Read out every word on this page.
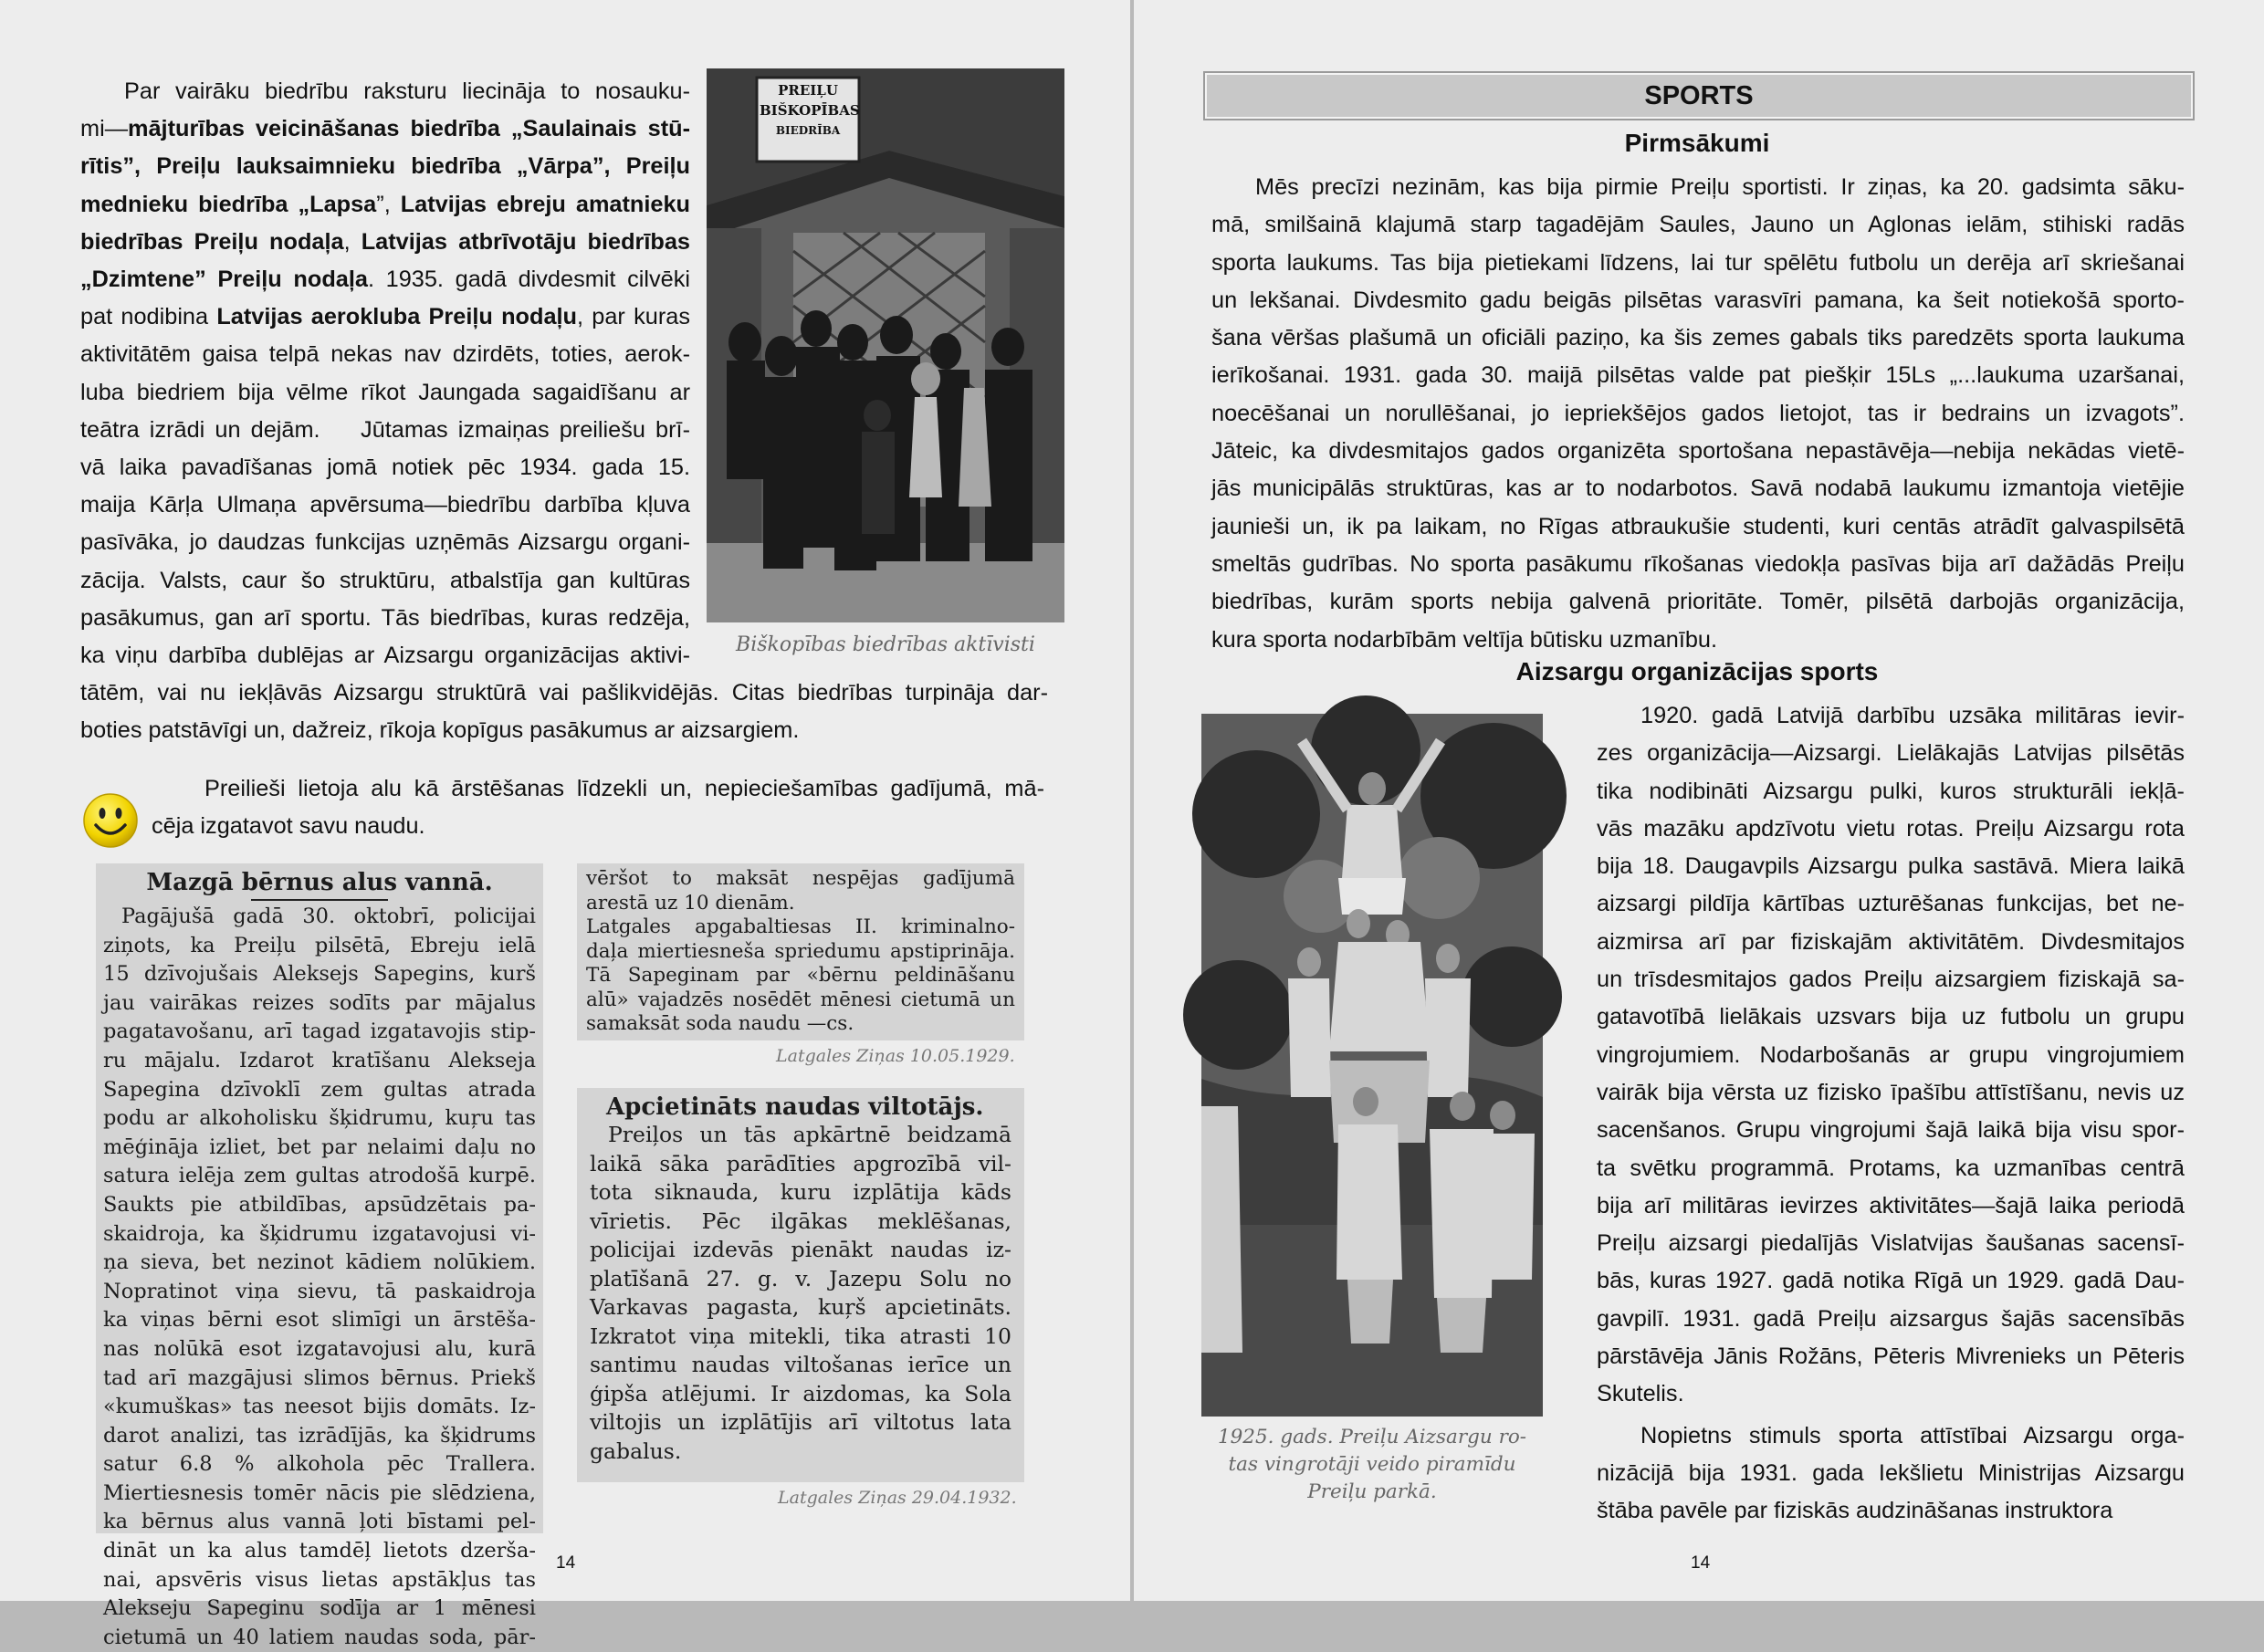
Par vairāku biedrību raksturu liecināja to nosauku-
mi—mājturības veicināšanas biedrība „Saulainais stū-
rītis”, Preiļu lauksaimnieku biedrība „Vārpa”, Preiļu
mednieku biedrība „Lapsa”, Latvijas ebreju amatnieku
biedrības Preiļu nodaļa, Latvijas atbrīvotāju biedrības
„Dzimtene” Preiļu nodaļa. 1935. gadā divdesmit cilvēki
pat nodibina Latvijas aerokluba Preiļu nodaļu, par kuras
aktivitātēm gaisa telpā nekas nav dzirdēts, toties, aerok-
luba biedriem bija vēlme rīkot Jaungada sagaidīšanu ar
teātra izrādi un dejām.    Jūtamas izmaiņas preiliešu brī-
vā laika pavadīšanas jomā notiek pēc 1934. gada 15.
maija Kārļa Ulmaņa apvērsuma—biedrību darbība kļuva
pasīvāka, jo daudzas funkcijas uzņēmās Aizsargu organi-
zācija. Valsts, caur šo struktūru, atbalstīja gan kultūras
pasākumus, gan arī sportu. Tās biedrības, kuras redzēja,
ka viņu darbība dublējas ar Aizsargu organizācijas aktivi-
tātēm, vai nu iekļāvās Aizsargu struktūrā vai pašlikvidējās. Citas biedrības turpināja dar-
boties patstāvīgi un, dažreiz, rīkoja kopīgus pasākumus ar aizsargiem.
Preilieši lietoja alu kā ārstēšanas līdzekli un, nepieciešamības gadījumā, mā-
cēja izgatavot savu naudu.
PREIĻU
BIŠKOPĪBAS
BIEDRĪBA
Biškopības biedrības aktīvisti
Mazgā bērnus alus vannā.
Pagājušā gadā 30. oktobrī, policijai
ziņots, ka Preiļu pilsētā, Ebreju ielā
15 dzīvojušais Aleksejs Sapegins, kurš
jau vairākas reizes sodīts par mājalus
pagatavošanu, arī tagad izgatavojis stip-
ru mājalu. Izdarot kratīšanu Alekseja
Sapegina dzīvoklī zem gultas atrada
podu ar alkoholisku šķidrumu, kuŗu tas
mēģināja izliet, bet par nelaimi daļu no
satura ielēja zem gultas atrodošā kurpē.
Saukts pie atbildības, apsūdzētais pa-
skaidroja, ka šķidrumu izgatavojusi vi-
ņa sieva, bet nezinot kādiem nolūkiem.
Nopratinot viņa sievu, tā paskaidroja
ka viņas bērni esot slimīgi un ārstēša-
nas nolūkā esot izgatavojusi alu, kurā
tad arī mazgājusi slimos bērnus. Priekš
«kumuškas» tas neesot bijis domāts. Iz-
darot analizi, tas izrādījās, ka šķidrums
satur 6.8 % alkohola pēc Trallera.
Miertiesnesis tomēr nācis pie slēdziena,
ka bērnus alus vannā ļoti bīstami pel-
dināt un ka alus tamdēļ lietots dzerša-
nai, apsvēris visus lietas apstākļus tas
Alekseju Sapeginu sodīja ar 1 mēnesi
cietumā un 40 latiem naudas soda, pār-
vēršot to maksāt nespējas gadījumā
arestā uz 10 dienām.
Latgales apgabaltiesas II. kriminalno-
daļa miertiesneša spriedumu apstiprināja.
Tā Sapeginam par «bērnu peldināšanu
alū» vajadzēs nosēdēt mēnesi cietumā un
samaksāt soda naudu —cs.
Latgales Ziņas 10.05.1929.
Apcietināts naudas viltotājs.
Preiļos un tās apkārtnē beidzamā
laikā sāka parādīties apgrozībā vil-
tota siknauda, kuru izplātija kāds
vīrietis. Pēc ilgākas meklēšanas,
policijai izdevās pienākt naudas iz-
platīšanā 27. g. v. Jazepu Solu no
Varkavas pagasta, kuŗš apcietināts.
Izkratot viņa mitekli, tika atrasti 10
santimu naudas viltošanas ierīce un
ģipša atlējumi. Ir aizdomas, ka Sola
viltojis un izplātījis arī viltotus lata
gabalus.
Latgales Ziņas 29.04.1932.
14
SPORTS
Pirmsākumi
Mēs precīzi nezinām, kas bija pirmie Preiļu sportisti. Ir ziņas, ka 20. gadsimta sāku-
mā, smilšainā klajumā starp tagadējām Saules, Jauno un Aglonas ielām, stihiski radās
sporta laukums. Tas bija pietiekami līdzens, lai tur spēlētu futbolu un derēja arī skriešanai
un lekšanai. Divdesmito gadu beigās pilsētas varasvīri pamana, ka šeit notiekošā sporto-
šana vēršas plašumā un oficiāli paziņo, ka šis zemes gabals tiks paredzēts sporta laukuma
ierīkošanai. 1931. gada 30. maijā pilsētas valde pat piešķir 15Ls „...laukuma uzaršanai,
noecēšanai un norullēšanai, jo iepriekšējos gados lietojot, tas ir bedrains un izvagots”.
Jāteic, ka divdesmitajos gados organizēta sportošana nepastāvēja—nebija nekādas vietē-
jās municipālās struktūras, kas ar to nodarbotos. Savā nodabā laukumu izmantoja vietējie
jaunieši un, ik pa laikam, no Rīgas atbraukušie studenti, kuri centās atrādīt galvaspilsētā
smeltās gudrības. No sporta pasākumu rīkošanas viedokļa pasīvas bija arī dažādās Preiļu
biedrības, kurām sports nebija galvenā prioritāte. Tomēr, pilsētā darbojās organizācija,
kura sporta nodarbībām veltīja būtisku uzmanību.
Aizsargu organizācijas sports
1925. gads. Preiļu Aizsargu ro-
tas vingrotāji veido piramīdu
Preiļu parkā.
1920. gadā Latvijā darbību uzsāka militāras ievir-
zes organizācija—Aizsargi. Lielākajās Latvijas pilsētās
tika nodibināti Aizsargu pulki, kuros strukturāli iekļā-
vās mazāku apdzīvotu vietu rotas. Preiļu Aizsargu rota
bija 18. Daugavpils Aizsargu pulka sastāvā. Miera laikā
aizsargi pildīja kārtības uzturēšanas funkcijas, bet ne-
aizmirsa arī par fiziskajām aktivitātēm. Divdesmitajos
un trīsdesmitajos gados Preiļu aizsargiem fiziskajā sa-
gatavotībā lielākais uzsvars bija uz futbolu un grupu
vingrojumiem. Nodarbošanās ar grupu vingrojumiem
vairāk bija vērsta uz fizisko īpašību attīstīšanu, nevis uz
sacenšanos. Grupu vingrojumi šajā laikā bija visu spor-
ta svētku programmā. Protams, ka uzmanības centrā
bija arī militāras ievirzes aktivitātes—šajā laika periodā
Preiļu aizsargi piedalījās Vislatvijas šaušanas sacensī-
bās, kuras 1927. gadā notika Rīgā un 1929. gadā Dau-
gavpilī. 1931. gadā Preiļu aizsargus šajās sacensībās
pārstāvēja Jānis Rožāns, Pēteris Mivrenieks un Pēteris
Skutelis.
Nopietns stimuls sporta attīstībai Aizsargu orga-
nizācijā bija 1931. gada Iekšlietu Ministrijas Aizsargu
štāba pavēle par fiziskās audzināšanas instruktora
14
